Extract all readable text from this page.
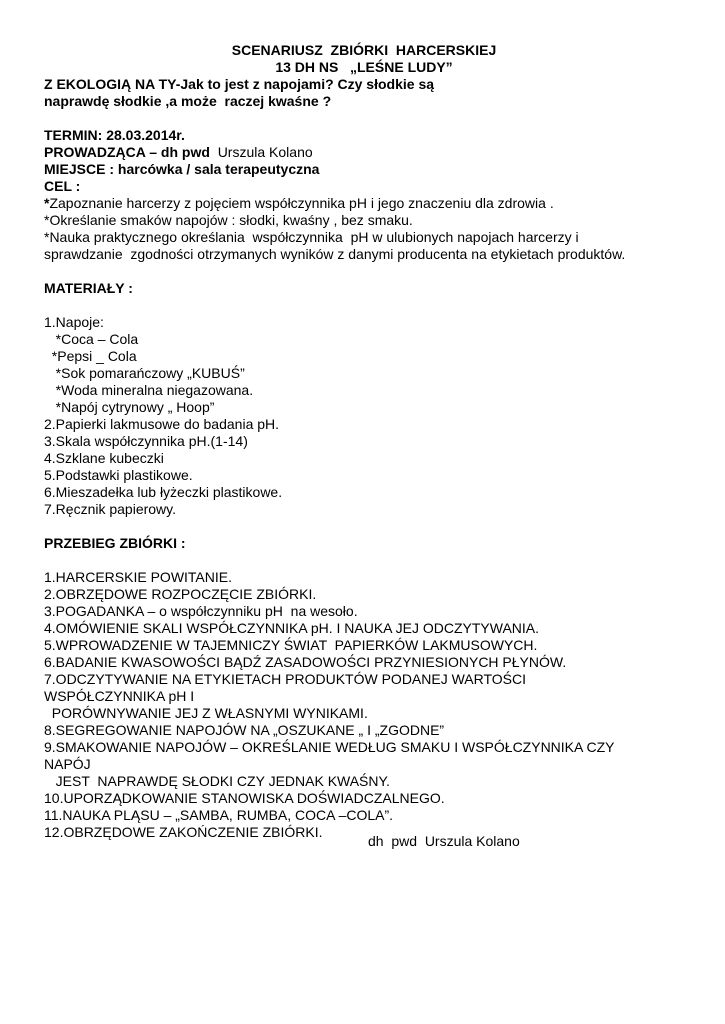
SCENARIUSZ  ZBIÓRKI  HARCERSKIEJ
13 DH NS   „LEŚNE LUDY”
Z EKOLOGIĄ NA TY-Jak to jest z napojami? Czy słodkie są
naprawdę słodkie ,a może  raczej kwaśne ?
TERMIN: 28.03.2014r.
PROWADZĄCA – dh pwd  Urszula Kolano
MIEJSCE : harcówka / sala terapeutyczna
CEL :
*Zapoznanie harcerzy z pojęciem współczynnika pH i jego znaczeniu dla zdrowia .
*Określanie smaków napojów : słodki, kwaśny , bez smaku.
*Nauka praktycznego określania  współczynnika  pH w ulubionych napojach harcerzy i
sprawdzanie  zgodności otrzymanych wyników z danymi producenta na etykietach produktów.
MATERIAŁY :
1.Napoje:
*Coca – Cola
*Pepsi _ Cola
*Sok pomarańczowy „KUBUŚ”
*Woda mineralna niegazowana.
*Napój cytrynowy „ Hoop”
2.Papierki lakmusowe do badania pH.
3.Skala współczynnika pH.(1-14)
4.Szklane kubeczki
5.Podstawki plastikowe.
6.Mieszadełka lub łyżeczki plastikowe.
7.Ręcznik papierowy.
PRZEBIEG ZBIÓRKI :
1.HARCERSKIE POWITANIE.
2.OBRZĘDOWE ROZPOCZĘCIE ZBIÓRKI.
3.POGADANKA – o współczynniku pH  na wesoło.
4.OMÓWIENIE SKALI WSPÓŁCZYNNIKA pH. I NAUKA JEJ ODCZYTYWANIA.
5.WPROWADZENIE W TAJEMNICZY ŚWIAT  PAPIERKÓW LAKMUSOWYCH.
6.BADANIE KWASOWOŚCI BĄDŹ ZASADOWOŚCI PRZYNIESIONYCH PŁYNÓW.
7.ODCZYTYWANIE NA ETYKIETACH PRODUKTÓW PODANEJ WARTOŚCI
WSPÓŁCZYNNIKA pH I
PORÓWNYWANIE JEJ Z WŁASNYMI WYNIKAMI.
8.SEGREGOWANIE NAPOJÓW NA „OSZUKANE „ I „ZGODNE”
9.SMAKOWANIE NAPOJÓW – OKREŚLANIE WEDŁUG SMAKU I WSPÓŁCZYNNIKA CZY
NAPÓJ
JEST  NAPRAWDĘ SŁODKI CZY JEDNAK KWAŚNY.
10.UPORZĄDKOWANIE STANOWISKA DOŚWIADCZALNEGO.
11.NAUKA PLĄSU – „SAMBA, RUMBA, COCA –COLA”.
12.OBRZĘDOWE ZAKOŃCZENIE ZBIÓRKI.
dh  pwd  Urszula Kolano
